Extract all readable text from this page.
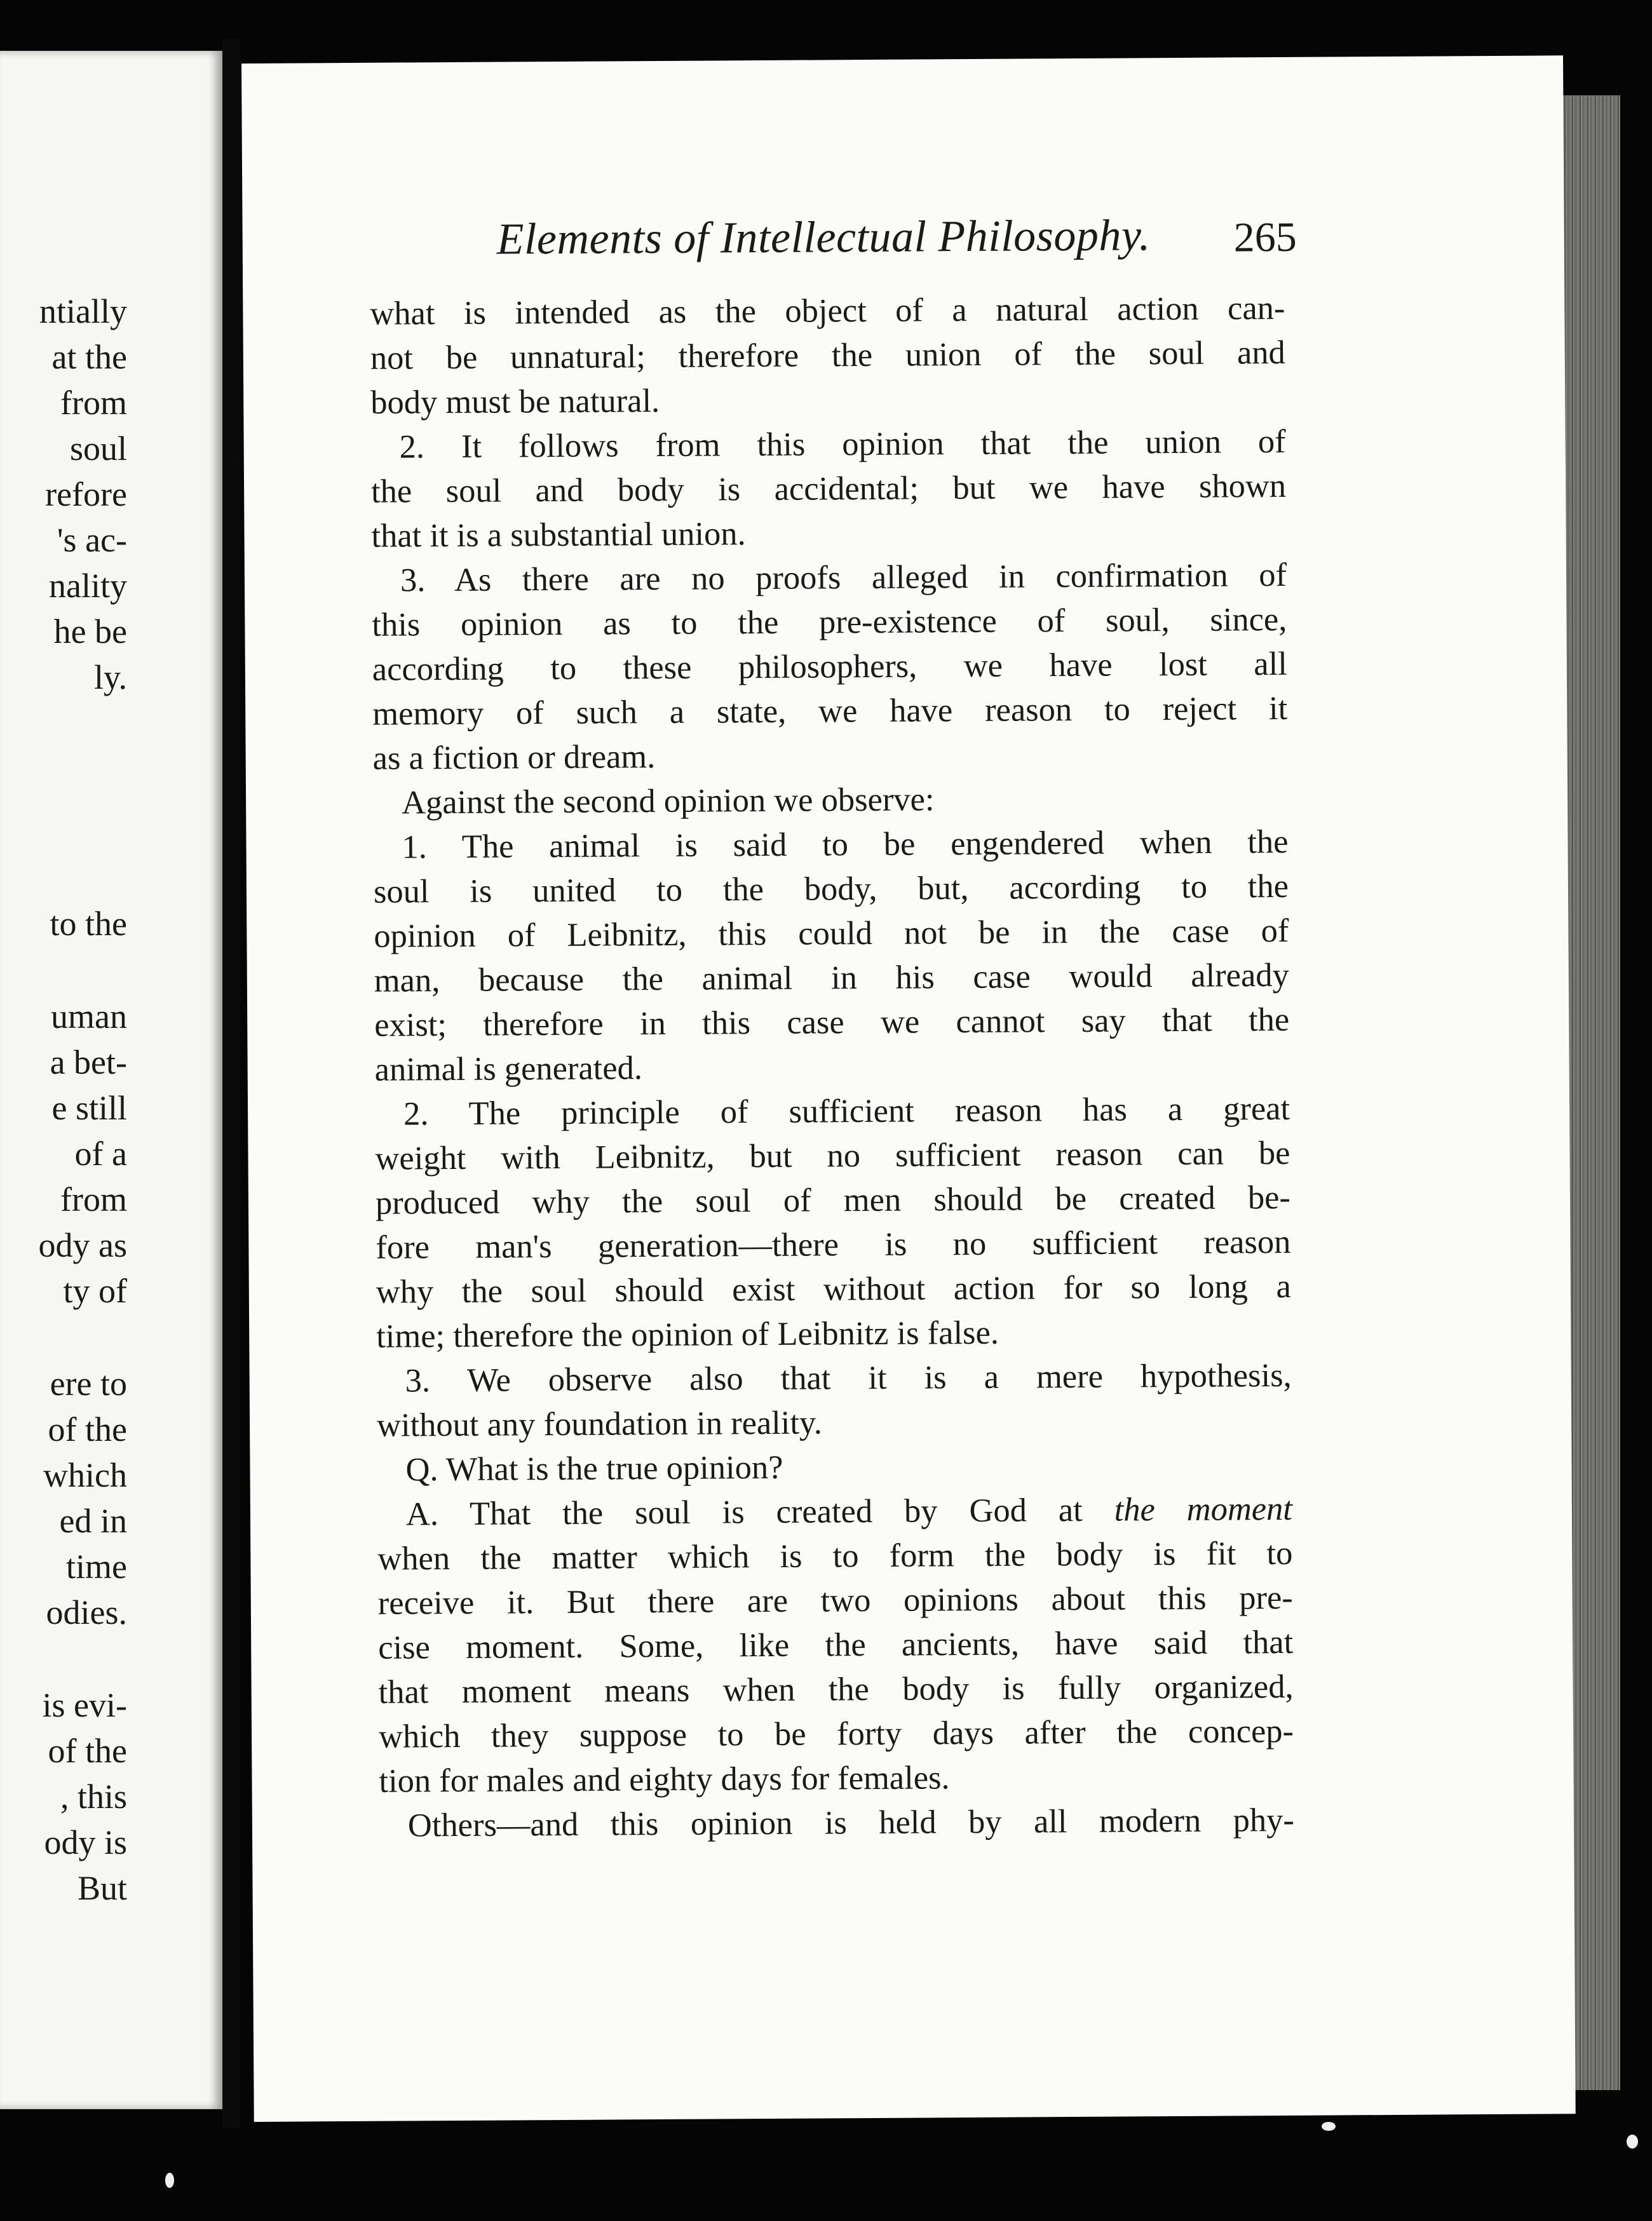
ntially
at the
from
soul
refore
's ac-
nality
he be
ly.
to the
uman
a bet-
e still
of a
from
ody as
ty of
ere to
of the
which
ed in
time
odies.
is evi-
of the
, this
ody is
But
Elements of Intellectual Philosophy. 265
what is intended as the object of a natural action can-
not be unnatural; therefore the union of the soul and
body must be natural.
2. It follows from this opinion that the union of
the soul and body is accidental; but we have shown
that it is a substantial union.
3. As there are no proofs alleged in confirmation of
this opinion as to the pre-existence of soul, since,
according to these philosophers, we have lost all
memory of such a state, we have reason to reject it
as a fiction or dream.
Against the second opinion we observe:
1. The animal is said to be engendered when the
soul is united to the body, but, according to the
opinion of Leibnitz, this could not be in the case of
man, because the animal in his case would already
exist; therefore in this case we cannot say that the
animal is generated.
2. The principle of sufficient reason has a great
weight with Leibnitz, but no sufficient reason can be
produced why the soul of men should be created be-
fore man's generation—there is no sufficient reason
why the soul should exist without action for so long a
time; therefore the opinion of Leibnitz is false.
3. We observe also that it is a mere hypothesis,
without any foundation in reality.
Q. What is the true opinion?
A. That the soul is created by God at the moment
when the matter which is to form the body is fit to
receive it. But there are two opinions about this pre-
cise moment. Some, like the ancients, have said that
that moment means when the body is fully organized,
which they suppose to be forty days after the concep-
tion for males and eighty days for females.
Others—and this opinion is held by all modern phy-
